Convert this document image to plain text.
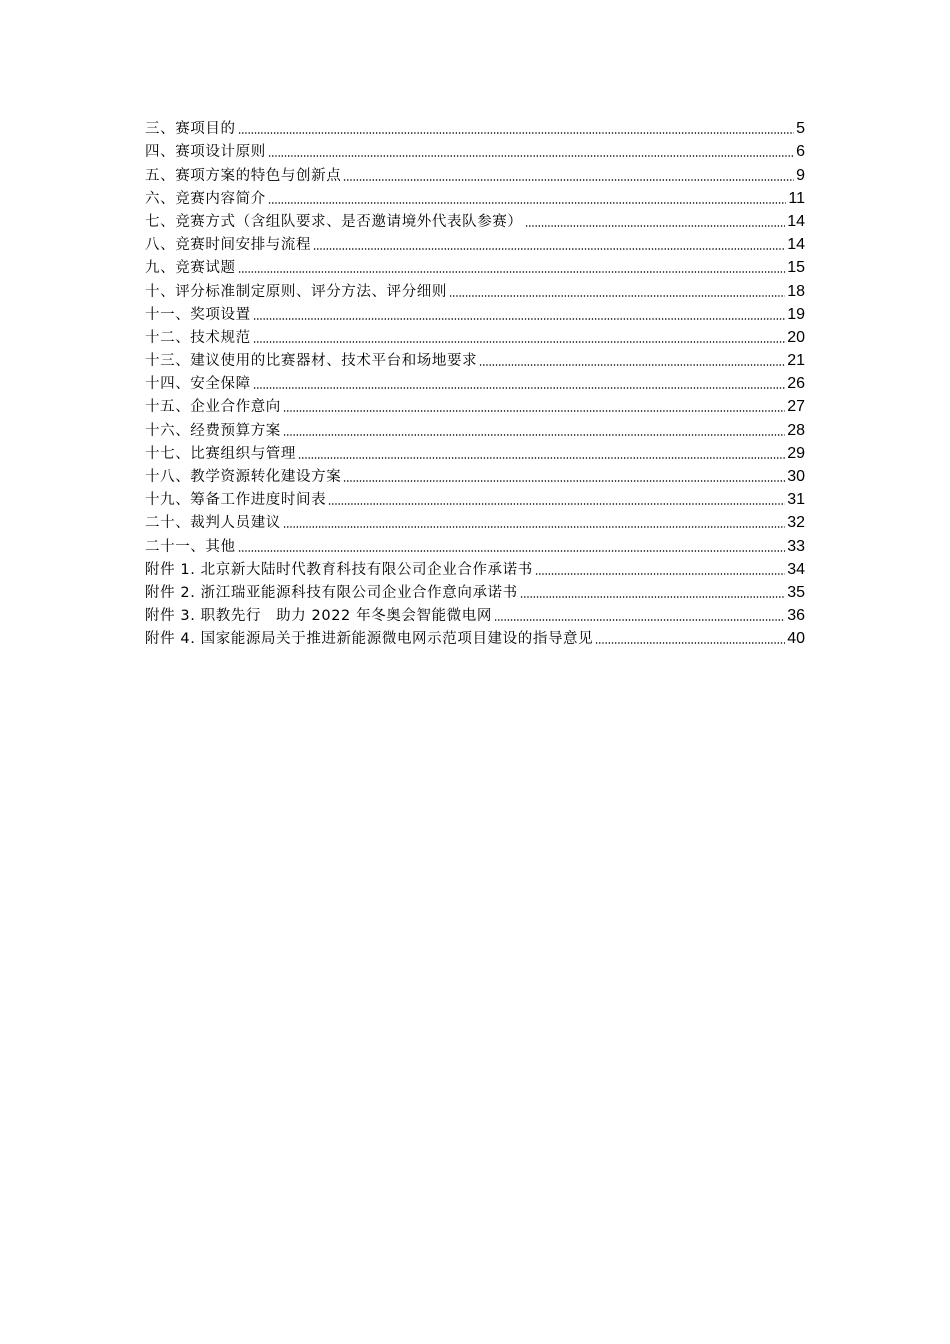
三、赛项目的	5
四、赛项设计原则	6
五、赛项方案的特色与创新点	9
六、竞赛内容简介	11
七、竞赛方式（含组队要求、是否邀请境外代表队参赛）	14
八、竞赛时间安排与流程	14
九、竞赛试题	15
十、评分标准制定原则、评分方法、评分细则	18
十一、奖项设置	19
十二、技术规范	20
十三、建议使用的比赛器材、技术平台和场地要求	21
十四、安全保障	26
十五、企业合作意向	27
十六、经费预算方案	28
十七、比赛组织与管理	29
十八、教学资源转化建设方案	30
十九、筹备工作进度时间表	31
二十、裁判人员建议	32
二十一、其他	33
附件 1. 北京新大陆时代教育科技有限公司企业合作承诺书	34
附件 2. 浙江瑞亚能源科技有限公司企业合作意向承诺书	35
附件 3. 职教先行　助力 2022 年冬奥会智能微电网	36
附件 4. 国家能源局关于推进新能源微电网示范项目建设的指导意见	40
